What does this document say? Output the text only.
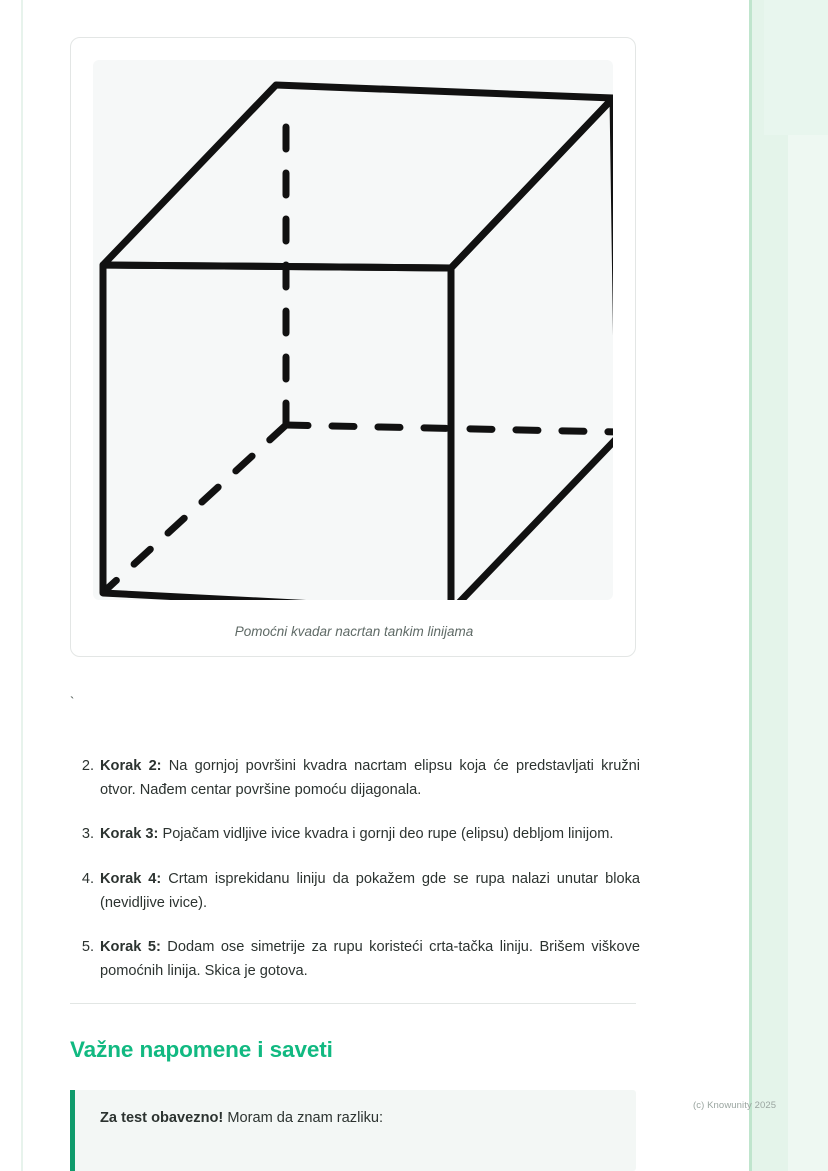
(c) Knowunity 2025
Pomoćni kvadar nacrtan tankim linijama
`
2. Korak 2: Na gornjoj površini kvadra nacrtam elipsu koja će predstavljati kružni otvor. Nađem centar površine pomoću dijagonala.
3. Korak 3: Pojačam vidljive ivice kvadra i gornji deo rupe (elipsu) debljom linijom.
4. Korak 4: Crtam isprekidanu liniju da pokažem gde se rupa nalazi unutar bloka (nevidljive ivice).
5. Korak 5: Dodam ose simetrije za rupu koristeći crta-tačka liniju. Brišem viškove pomoćnih linija. Skica je gotova.
Važne napomene i saveti
Za test obavezno! Moram da znam razliku:
